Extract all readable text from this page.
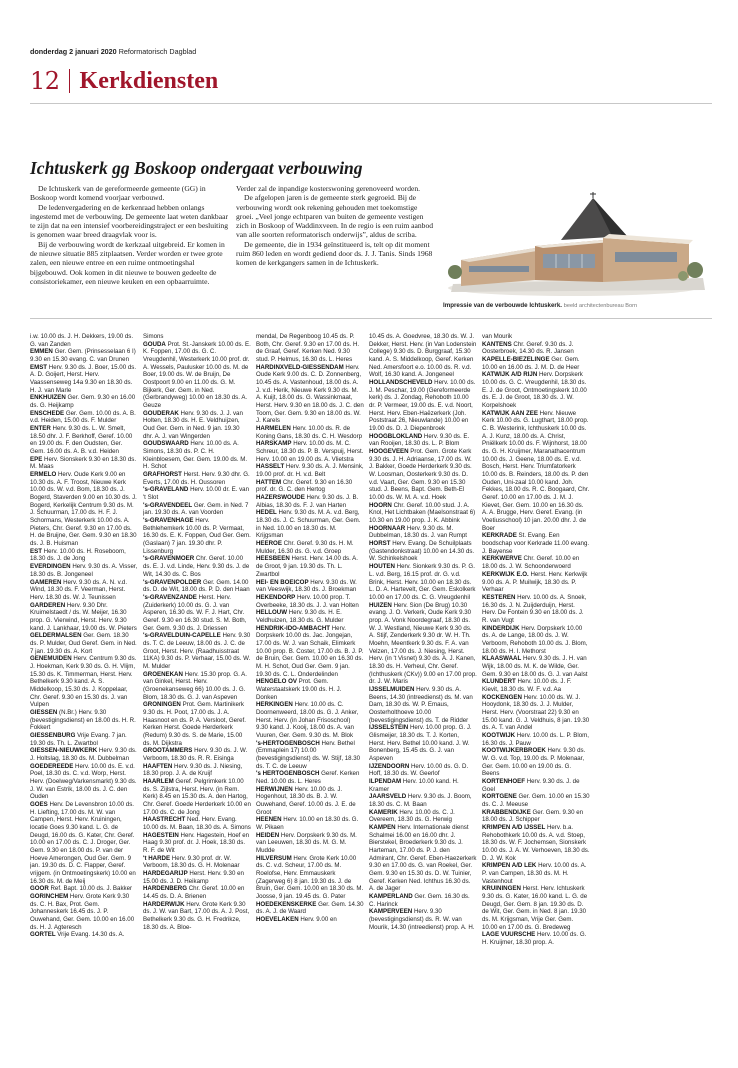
donderdag 2 januari 2020 Reformatorisch Dagblad
12 Kerkdiensten
Ichtuskerk gg Boskoop ondergaat verbouwing

De Ichtuskerk van de gereformeerde gemeente (GG) in Boskoop wordt komend voorjaar verbouwd.

De ledenvergadering en de kerkenraad hebben onlangs ingestemd met de verbouwing. De gemeente laat weten dankbaar te zijn dat na een intensief voorbereidingstraject er een besluiting is genomen waar breed draagvlak voor is.

Bij de verbouwing wordt de kerkzaal uitgebreid. Er komen in de nieuwe situatie 885 zitplaatsen. Verder worden er twee grote zalen, een nieuwe entree en een ruime ontmoetingshal bijgebouwd. Ook komen in dit nieuwe te bouwen gedeelte de consistoriekamer, een nieuwe keuken en een opbaarruimte.

Verder zal de inpandige kosterswoning gerenoveerd worden.

De afgelopen jaren is de gemeente sterk gegroeid. Bij de verbouwing wordt ook rekening gehouden met toekomstige groei. „Veel jonge echtparen van buiten de gemeente vestigen zich in Boskoop of Waddinxveen. In de regio is een ruim aanbod van alle soorten reformatorisch onderwijs”, aldus de scriba.

De gemeente, die in 1934 geïnstitueerd is, telt op dit moment ruim 860 leden en wordt gediend door ds. J. J. Tanis. Sinds 1968 komen de kerkgangers samen in de Ichtuskerk.

Impressie van de verbouwde Ichtuskerk. beeld architectenbureau Born
i.w. 10.00 ds. J. H. Dekkers, 19.00 ds. G. van Zanden
EMMEN Ger. Gem. (Prinsesselaan 6 I) 9.30 en 15.30 evang. C. van Drunen
EMST Herv. 9.30 ds. J. Boer, 15.00 ds. A. D. Goijert, Herst. Herv. Vaassenseweg 14a 9.30 en 18.30 ds. H. J. van Marle
ENKHUIZEN Ger. Gem. 9.30 en 16.00 ds. G. Heijkamp
ENSCHEDE Ger. Gem. 10.00 ds. A. B. v.d. Heiden, 15.00 ds. F. Mulder
ENTER Herv. 9.30 ds. L. W. Smelt, 18.50 dhr. J. F. Berkhoff, Geref. 10.00 en 19.00 ds. F. den Oudsten, Ger. Gem. 16.00 ds. A. B. v.d. Heiden
EPE Herv. Sionskerk 9.30 en 18.30 ds. M. Maas
ERMELO Herv. Oude Kerk 9.00 en 10.30 ds. A. F. Troost, Nieuwe Kerk 10.00 ds. W. v.d. Bom, 18.30 ds. J. Bogerd, Staverden 9.00 en 10.30 ds. J. Bogerd, Kerkelijk Centrum 9.30 ds. M. J. Schuurman, 17.00 ds. H. F. J. Schormans, Westerkerk 10.00 ds. A. Pieters, Chr. Geref. 9.30 en 17.00 ds. H. de Bruijne, Ger. Gem. 9.30 en 18.30 ds. J. B. Huisman
EST Herv. 10.00 ds. H. Roseboom, 18.30 ds. J. de Jong
EVERDINGEN Herv. 9.30 ds. A. Visser, 18.30 ds. B. Jongeneel
GAMEREN Herv. 9.30 ds. A. N. v.d. Wind, 18.30 ds. F. Veerman, Herst. Herv. 18.30 ds. W. J. Teunissen
GARDEREN Herv. 9.30 Dhr. Kruimelstaedt / ds. W. Meijer, 16.30 prop. G. Vierwind, Herst. Herv. 9.30 kand. J. Lankhaar, 19.00 ds. W. Pieters
GELDERMALSEN Ger. Gem. 18.30 ds. P. Mulder, Oud Geref. Gem. in Ned. 7 jan. 19.30 ds. A. Kort
GENEMUIDEN Herv. Centrum 9.30 ds. J. Hoekman, Kerk 9.30 ds. G. H. Vlijm, 15.30 ds. K. Timmerman, Herst. Herv. Bethelkerk 9.30 kand. A. S. Middelkoop, 15.30 ds. J. Koppelaar, Chr. Geref. 9.30 en 15.30 ds. J. van Vulpen
GIESSEN (N.Br.) Herv. 9.30 (bevestigingsdienst) en 18.00 ds. H. R. Fokkert
GIESSENBURG Vrije Evang. 7 jan. 19.30 ds. Th. L. Zwartbol
GIESSEN-NIEUWKERK Herv. 9.30 ds. J. Holtslag, 18.30 ds. M. Dubbelman
GOEDEREEDE Herv. 10.00 ds. E. v.d. Poel, 18.30 ds. C. v.d. Worp, Herst. Herv. (Doelweg/Varkensmarkt) 9.30 ds. J. W. van Estrik, 18.00 ds. J. C. den Ouden
GOES Herv. De Levensbron 10.00 ds. H. Liefting, 17.00 ds. M. W. van Campen, Herst. Herv. Kruiningen, locatie Goes 9.30 kand. L. G. de Deugd, 16.00 ds. G. Kater, Chr. Geref. 10.00 en 17.00 ds. C. J. Droger, Ger. Gem. 9.30 en 18.00 ds. P. van der Hoeve Amerongen, Oud Ger. Gem. 9 jan. 19.30 ds. D. C. Flapper, Geref. vrijgem. (in Ontmoetingskerk) 10.00 en 16.30 ds. M. de Meij
GOOR Ref. Bapt. 10.00 ds. J. Bakker
GORINCHEM Herv. Grote Kerk 9.30 ds. C. H. Bax, Prot. Gem. Johanneskerk 16.45 ds. J. P. Ouwehand, Ger. Gem. 10.00 en 16.00 ds. H. J. Agteresch
GORTEL Vrije Evang. 14.30 ds. A.
Simons
GOUDA Prot. St.-Janskerk 10.00 ds. E. K. Foppen, 17.00 ds. G. C. Vreugdenhil, Westerkerk 10.00 prof. dr. A. Wessels, Paulusker 10.00 ds. M. de Boer, 19.00 ds. W. de Bruijn, De Oostpoort 9.00 en 11.00 ds. G. M. Bijkerk, Ger. Gem. in Ned. (Gerbrandyweg) 10.00 en 18.30 ds. A. Geuze
GOUDERAK Herv. 9.30 ds. J. J. van Holten, 18.30 ds. H. E. Veldhuijzen, Oud Ger. Gem. in Ned. 9 jan. 19.30 dhr. A. J. van Wingerden
GOUDSWAARD Herv. 10.00 ds. A. Simons, 18.30 ds. P. C. H. Kleinbloesem, Ger. Gem. 19.00 ds. M. H. Schot
GRAFHORST Herst. Herv. 9.30 dhr. G. Everts, 17.00 ds. H. Oussoren
's-GRAVELAND Herv. 10.00 dr. E. van 't Slot
's-GRAVENDEEL Ger. Gem. in Ned. 7 jan. 19.30 ds. A. van Voorden
's-GRAVENHAGE Herv. Bethlehemkerk 10.00 ds. P. Vermaat, 16.30 ds. E. K. Foppen, Oud Ger. Gem. (Gaslaan) 7 jan. 19.30 dhr. P. Lissenburg
's-GRAVENMOER Chr. Geref. 10.00 ds. E. J. v.d. Linde, Herv. 9.30 ds. J. de Wit, 14.30 ds. C. Bos
's-GRAVENPOLDER Ger. Gem. 14.00 ds. D. de Wit, 18.00 ds. P. D. den Haan
's-GRAVENZANDE Herst. Herv. (Zuiderkerk) 10.00 ds. G. J. van Asperen, 16.30 ds. W. F. J. Hart, Chr. Geref. 9.30 en 16.30 stud. S. M. Both, Ger. Gem. 9.30 ds. J. Driessen
's-GRAVELDUIN-CAPELLE Herv. 9.30 ds. T. C. de Leeuw, 18.00 ds. J. C. de Groot, Herst. Herv. (Raadhuisstraat 11KA) 9.30 ds. P. Verhaar, 15.00 ds. W. M. Mulder
GROENEKAN Herv. 15.30 prop. G. A. van Ginkel, Herst. Herv. (Groenekanseweg 66) 10.00 ds. J. G. Blom, 18.30 ds. G. J. van Aspeven
GRONINGEN Prot. Gem. Martinikerk 9.30 ds. H. Poot, 17.00 ds. J. A. Haasnoot en ds. P. A. Versloot, Geref. Kerken Herst. Goede Herderkerk (Redum) 9.30 ds. S. de Marie, 15.00 ds. M. Dijkstra
GROOTAMMERS Herv. 9.30 ds. J. W. Verboom, 18.30 ds. R. R. Eisinga
HAAFTEN Herv. 9.30 ds. J. Niesing, 18.30 prop. J. A. de Kruijf
HAARLEM Geref. Pelgrimkerk 10.00 ds. S. Zijlstra, Herst. Herv. (in Rem. Kerk) 8.45 en 15.30 ds. A. den Hartog, Chr. Geref. Goede Herderkerk 10.00 en 17.00 ds. C. de Jong
HAASTRECHT Ned. Herv. Evang. 10.00 ds. M. Baan, 18.30 ds. A. Simons
HAGESTEIN Herv. Hagestein, Hoef en Haag 9.30 prof. dr. J. Hoek, 18.30 ds. R. F. de Wit
't HARDE Herv. 9.30 prof. dr. W. Verboom, 18.30 ds. G. H. Molenaar
HARDEGARIJP Herst. Herv. 9.30 en 15.00 ds. J. D. Heikamp
HARDENBERG Chr. Geref. 10.00 en 14.45 ds. D. A. Brienen
HARDERWIJK Herv. Grote Kerk 9.30 ds. J. W. van Bart, 17.00 ds. A. J. Post, Bethelkerk 9.30 ds. G. H. Fredrikze, 18.30 ds. A. Bloe-
mendal, De Regenboog 10.45 ds. P. Both, Chr. Geref. 9.30 en 17.00 ds. H. de Graaf, Geref. Kerken Ned. 9.30 stud. P. Helmus, 16.30 ds. L. Heres
HARDINXVELD-GIESSENDAM Herv. Oude Kerk 9.00 ds. C. D. Zonnenberg, 10.45 ds. A. Vastenhoud, 18.00 ds. A. J. v.d. Herik, Nieuwe Kerk 9.30 ds. M. A. Kuijt, 18.00 ds. G. Wassinkmaat, Herst. Herv. 9.30 en 18.00 ds. J. C. den Toom, Ger. Gem. 9.30 en 18.00 ds. W. J. Karels
HARMELEN Herv. 10.00 ds. R. de Koning Gans, 18.30 ds. C. H. Wesdorp
HARSKAMP Herv. 10.00 ds. M. C. Schreur, 18.30 ds. P. B. Verspuij, Herst. Herv. 10.00 en 19.00 ds. A. Vlietstra
HASSELT Herv. 9.30 ds. A. J. Mensink, 19.00 prof. dr. H. v.d. Belt
HATTEM Chr. Geref. 9.30 en 16.30 prof. dr. G. C. den Hertog
HAZERSWOUDE Herv. 9.30 ds. J. B. Albias, 18.30 ds. F. J. van Harten
HEDEL Herv. 9.30 ds. M. A. v.d. Berg, 18.30 ds. J. C. Schuurman, Ger. Gem. in Ned. 10.00 en 18.30 ds. M. Krijgsman
HEEROE Chr. Geref. 9.30 ds. H. M. Mulder, 16.30 ds. G. v.d. Groep
HEESBEEN Herst. Herv. 14.00 ds. A. de Groot, 9 jan. 19.30 ds. Th. L. Zwartbol
HEI- EN BOEICOP Herv. 9.30 ds. W. van Veeswijk, 18.30 ds. J. Broekman
HEKENDORP Herv. 10.00 prop. T. Overbeeke, 18.30 ds. J. J. van Holten
HELLOUW Herv. 9.30 ds. H. E. Veldhuizen, 18.30 ds. G. Mulder
HENDRIK-IDO-AMBACHT Herv. Dorpskerk 10.00 ds. Jac. Jongejan, 17.00 ds. W. J. van Schaik, Elimkerk 10.00 prop. B. Coster, 17.00 ds. B. J. P. de Bruin, Ger. Gem. 10.00 en 16.30 ds. M. H. Schot, Oud Ger. Gem. 9 jan. 19.30 ds. C. L. Onderdelinden
HENGELO OV Prot. Gem. Waterstaatskerk 19.00 ds. H. J. Donken
HERKINGEN Herv. 10.00 ds. C. Doornenweerd, 18.00 ds. G. J. Anker, Herst. Herv. (in Johan Frisoschool) 9.30 kand. J. Kooij, 18.00 ds. A. van Vuuren, Ger. Gem. 9.30 ds. M. Blok
's-HERTOGENBOSCH Herv. Bethel (Emmaplein 17) 10.00 (bevestigingsdienst) ds. W. Stijf, 18.30 ds. T. C. de Leeuw
's HERTOGENBOSCH Geref. Kerken Ned. 10.00 ds. L. Heres
HERWIJNEN Herv. 10.00 ds. J. Hogenhout, 18.30 ds. B. J. W. Ouwehand, Geref. 10.00 ds. J. E. de Groot
HEENEN Herv. 10.00 en 18.30 ds. G. W. Pikaen
HEIDEN Herv. Dorpskerk 9.30 ds. M. van Leeuwen, 18.30 ds. M. G. M. Mudde
HILVERSUM Herv. Grote Kerk 10.00 ds. C. v.d. Scheur, 17.00 ds. M. Roelofse, Herv. Emmauskerk (Zagerweg 6) 8 jan. 19.30 ds. J. de Bruin, Ger. Gem. 10.00 en 18.30 ds. M. Joosse, 9 jan. 19.45 ds. G. Pater
HOEDEKENSKERKE Ger. Gem. 14.30 ds. A. J. de Waard
HOEVELAKEN Herv. 9.00 en
10.45 ds. A. Goedvree, 18.30 ds. W. J. Dekker, Herst. Herv. (in Van Lodenstein College) 9.30 ds. D. Burggraaf, 15.30 kand. A. S. Middelkoop, Geref. Kerken Ned. Amersfoort e.o. 10.00 ds. R. v.d. Wolf, 16.30 kand. A. Jongeneel
HOLLANDSCHEVELD Herv. 10.00 ds. J. M. Peschar, 19.00 (Gereformeerde kerk) ds. J. Zondag, Rehoboth 10.00 dr. P. Vermeer, 19.00 ds. E. v.d. Noort, Herst. Herv. Eben-Haëzerkerk (Joh. Poststraat 26, Nieuwlande) 10.00 en 19.00 ds. D. J. Diepenbroek
HOOGBLOKLAND Herv. 9.30 ds. E. van Rooijen, 18.30 ds. L. P. Blom
HOOGEVEEN Prot. Gem. Grote Kerk 9.30 ds. J. H. Adriaanse, 17.00 ds. W. J. Bakker, Goede Herderkerk 9.30 ds. W. Loosman, Oosterkerk 9.30 ds. D. v.d. Vaart, Ger. Gem. 9.30 en 15.30 stud. J. Beens, Bapt. Gem. Beth-El 10.00 ds. W. M. A. v.d. Hoek
HOORN Chr. Geref. 10.00 stud. J. A. Knol, Het Lichtbaken (Maelsonstraat 6) 10.30 en 19.00 prop. J. K. Abbink
HOORNAAR Herv. 9.30 ds. M. Dubbelman, 18.30 ds. J. van Rumpt
HORST Herv. Evang. De Schuilplaats (Gastendonkstraat) 10.00 en 14.30 ds. W. Schinkelshoek
HOUTEN Herv. Sionkerk 9.30 ds. P. G. L. v.d. Berg, 16.15 prof. dr. G. v.d. Brink, Herst. Herv. 10.00 en 18.30 ds. L. D. A. Hartevelt, Ger. Gem. Eskolkerk 10.00 en 17.00 ds. C. G. Vreugdenhil
HUIZEN Herv. Sion (De Brug) 10.30 evang. J. O. Verkerk, Oude Kerk 9.30 prop. A. Vonk Noordegraaf, 18.30 ds. W. J. Westland, Nieuwe Kerk 9.30 ds. A. Stijf, Zenderkerk 9.30 dr. W. H. Th. Moehn, Meentkerk 9.30 ds. F. A. van Velzen, 17.00 ds. J. Niesing, Herst. Herv. (in 't Visnet) 9.30 ds. A. J. Kanen, 18.30 ds. H. Verheul, Chr. Geref. (Ichthuskerk (CKv)) 9.00 en 17.00 prop. dr. J. W. Maris
IJSSELMUIDEN Herv. 9.30 ds. A. Beens, 14.30 (intreedienst) ds. M. van Dam, 18.30 ds. W. P. Emaus, Oosterholthoeve 10.00 (bevestigingsdienst) ds. T. de Ridder
IJSSELSTEIN Herv. 10.00 prop. G. J. Glismeijer, 18.30 ds. T. J. Korten, Herst. Herv. Bethel 10.00 kand. J. W. Bonenberg, 15.45 ds. G. J. van Aspeven
IJZENDOORN Herv. 10.00 ds. G. D. Hoff, 18.30 ds. W. Geerlof
ILPENDAM Herv. 10.00 kand. H. Kramer
JAARSVELD Herv. 9.30 ds. J. Boom, 18.30 ds. C. M. Baan
KAMERIK Herv. 10.00 ds. C. J. Overeem, 18.30 ds. G. Herwig
KAMPEN Herv. Internationale dienst Schalmei 16.00 en 16.00 dhr. J. Bierstekel, Broederkerk 9.30 ds. J. Harteman, 17.00 ds. P. J. den Admirant, Chr. Geref. Eben-Haezerkerk 9.30 en 17.00 ds. G. van Roekel, Ger. Gem. 9.30 en 15.30 ds. D. W. Tuinier, Geref. Kerken Ned. Ichthus 16.30 ds. A. de Jager
KAMPERLAND Ger. Gem. 16.30 ds. C. Harinck
KAMPERVEEN Herv. 9.30 (bevestigingsdienst) ds. R. W. van Mourik, 14.30 (intreedienst) prop. A. H.
van Mourik
KANTENS Chr. Geref. 9.30 ds. J. Oosterbroek, 14.30 ds. R. Jansen
KAPELLE-BIEZELINGE Ger. Gem. 10.00 en 16.00 ds. J. M. D. de Heer
KATWIJK A/D RIJN Herv. Dorpskerk 10.00 ds. G. C. Vreugdenhil, 18.30 ds. E. J. de Groot, Ontmoetingskerk 10.00 ds. E. J. de Groot, 18.30 ds. J. W. Korpelshoek
KATWIJK AAN ZEE Herv. Nieuwe Kerk 10.00 ds. G. Lugthart, 18.00 prop. C. B. Westerink, Ichthuskerk 10.00 ds. A. J. Kunz, 18.00 ds. A. Christ, Pniëlkerk 10.00 ds. F. Wijnhorst, 18.00 ds. G. H. Kruijmer, Maranathacentrum 10.00 ds. J. Geene, 18.00 ds. E. v.d. Bosch, Herst. Herv. Triumfatorkerk 10.00 ds. B. Reinders, 18.00 ds. P. den Ouden, Uni-zaal 10.00 kand. Joh. Fekkes, 18.00 ds. R. C. Boogaard, Chr. Geref. 10.00 en 17.00 ds. J. M. J. Kievet, Ger. Gem. 10.00 en 16.30 ds. A. A. Brugge, Herv. Geref. Evang. (in Voetiusschool) 10 jan. 20.00 dhr. J. de Boer
KERKRADE St. Evang. Een boodschap voor Kerkrade 11.00 evang. J. Bayense
KERKWERVE Chr. Geref. 10.00 en 18.00 ds. J. W. Schoonderwoerd
KERKWIJK E.O. Herst. Herv. Kerkwijk 9.00 ds. A. P. Muilwijk, 18.30 ds. P. Verhaar
KESTEREN Herv. 10.00 ds. A. Snoek, 16.30 ds. J. N. Zuijderduijn, Herst. Herv. De Fontein 9.30 en 18.00 ds. J. R. van Vugt
KINDERDIJK Herv. Dorpskerk 10.00 ds. A. de Lange, 18.00 ds. J. W. Verboom, Rehoboth 10.00 ds. J. Blom, 18.00 ds. H. I. Methorst
KLAASWAAL Herv. 9.30 ds. J. H. van Wijk, 18.00 ds. M. K. de Wilde, Ger. Gem. 9.30 en 18.00 ds. G. J. van Aalst
KLUNDERT Herv. 10.00 ds. J. F. Kievit, 18.30 ds. W. F. v.d. Aa
KOCKENGEN Herv. 10.00 ds. W. J. Hooydonk, 18.30 ds. J. J. Mulder, Herst. Herv. (Voorstraat 22) 9.30 en 15.00 kand. G. J. Veldhuis, 8 jan. 19.30 ds. A. T. van Andel
KOOTWIJK Herv. 10.00 ds. L. P. Blom, 16.30 ds. J. Pauw
KOOTWIJKERBROEK Herv. 9.30 ds. W. G. v.d. Top, 19.00 ds. P. Molenaar, Ger. Gem. 10.00 en 19.00 ds. G. Beens
KORTENHOEF Herv. 9.30 ds. J. de Goel
KORTGENE Ger. Gem. 10.00 en 15.30 ds. C. J. Meeuse
KRABBENDIJKE Ger. Gem. 9.30 en 18.00 ds. J. Schipper
KRIMPEN A/D IJSSEL Herv. b.a. Rehobothkerk 10.00 ds. A. v.d. Stoep, 18.30 ds. W. F. Jochemsen, Sionskerk 10.00 ds. J. A. W. Verhoeven, 18.30 ds. D. J. W. Kok
KRIMPEN A/D LEK Herv. 10.00 ds. A. P. van Campen, 18.30 ds. M. H. Vastenhout
KRUININGEN Herst. Herv. Ichtuskerk 9.30 ds. G. Kater, 16.00 kand. L. G. de Deugd, Ger. Gem. 8 jan. 19.30 ds. D. de Wit, Ger. Gem. in Ned. 8 jan. 19.30 ds. M. Krijgsman, Vrije Ger. Gem. 10.00 en 17.00 ds. G. Bredeweg
LAGE VUURSCHE Herv. 10.00 ds. G. H. Kruijmer, 18.30 prop. A.
